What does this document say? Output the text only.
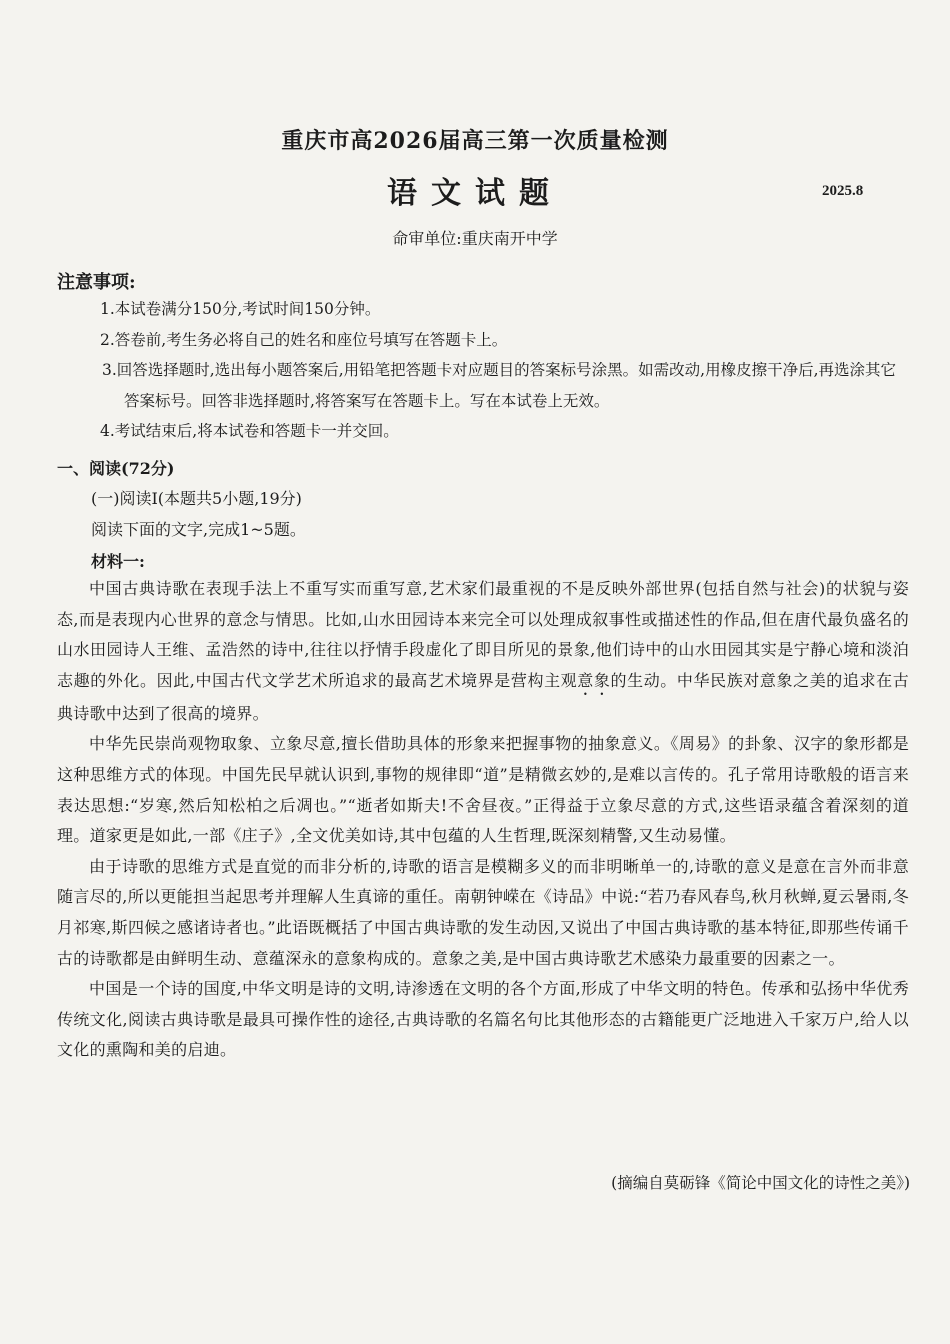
重庆市高2026届高三第一次质量检测
语文试题	2025.8
命审单位:重庆南开中学
注意事项:

1.本试卷满分150分,考试时间150分钟。

2.答卷前,考生务必将自己的姓名和座位号填写在答题卡上。

3.回答选择题时,选出每小题答案后,用铅笔把答题卡对应题目的答案标号涂黑。如需改动,用橡皮擦干净后,再选涂其它答案标号。回答非选择题时,将答案写在答题卡上。写在本试卷上无效。

4.考试结束后,将本试卷和答题卡一并交回。

一、阅读(72分)
(一)阅读Ⅰ(本题共5小题,19分)
阅读下面的文字,完成1~5题。
材料一:

中国古典诗歌在表现手法上不重写实而重写意,艺术家们最重视的不是反映外部世界(包括自然与社会)的状貌与姿态,而是表现内心世界的意念与情思。比如,山水田园诗本来完全可以处理成叙事性或描述性的作品,但在唐代最负盛名的山水田园诗人王维、孟浩然的诗中,往往以抒情手段虚化了即目所见的景象,他们诗中的山水田园其实是宁静心境和淡泊志趣的外化。因此,中国古代文学艺术所追求的最高艺术境界是营构主观意象的生动。中华民族对意象之美的追求在古典诗歌中达到了很高的境界。

中华先民崇尚观物取象、立象尽意,擅长借助具体的形象来把握事物的抽象意义。《周易》的卦象、汉字的象形都是这种思维方式的体现。中国先民早就认识到,事物的规律即“道”是精微玄妙的,是难以言传的。孔子常用诗歌般的语言来表达思想:“岁寒,然后知松柏之后凋也。”“逝者如斯夫!不舍昼夜。”正得益于立象尽意的方式,这些语录蕴含着深刻的道理。道家更是如此,一部《庄子》,全文优美如诗,其中包蕴的人生哲理,既深刻精警,又生动易懂。

由于诗歌的思维方式是直觉的而非分析的,诗歌的语言是模糊多义的而非明晰单一的,诗歌的意义是意在言外而非意随言尽的,所以更能担当起思考并理解人生真谛的重任。南朝钟嵘在《诗品》中说:“若乃春风春鸟,秋月秋蝉,夏云暑雨,冬月祁寒,斯四候之感诸诗者也。”此语既概括了中国古典诗歌的发生动因,又说出了中国古典诗歌的基本特征,即那些传诵千古的诗歌都是由鲜明生动、意蕴深永的意象构成的。意象之美,是中国古典诗歌艺术感染力最重要的因素之一。

中国是一个诗的国度,中华文明是诗的文明,诗渗透在文明的各个方面,形成了中华文明的特色。传承和弘扬中华优秀传统文化,阅读古典诗歌是最具可操作性的途径,古典诗歌的名篇名句比其他形态的古籍能更广泛地进入千家万户,给人以文化的熏陶和美的启迪。

(摘编自莫砺锋《简论中国文化的诗性之美》)
